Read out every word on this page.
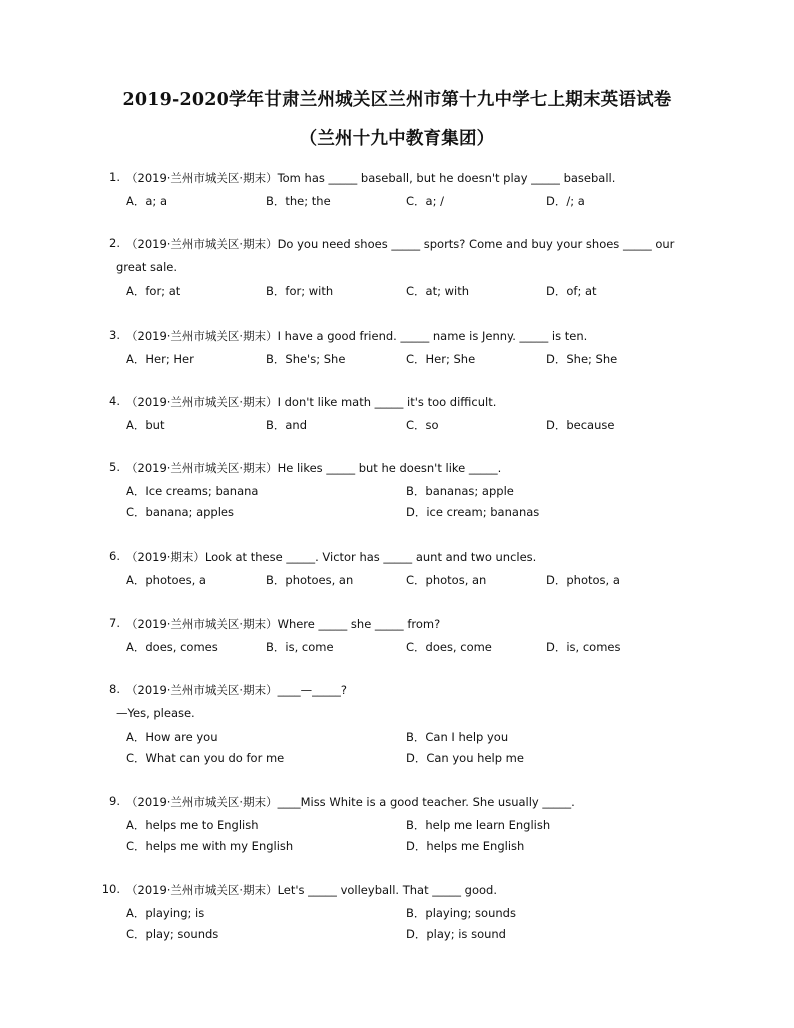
2019-2020学年甘肃兰州城关区兰州市第十九中学七上期末英语试卷
（兰州十九中教育集团）
1. （2019·兰州市城关区·期末）Tom has _____ baseball, but he doesn't play _____ baseball.
A．a; a	B．the; the	C．a; /	D．/; a
2. （2019·兰州市城关区·期末）Do you need shoes _____ sports? Come and buy your shoes _____ our
great sale.
A．for; at	B．for; with	C．at; with	D．of; at
3. （2019·兰州市城关区·期末）I have a good friend. _____ name is Jenny. _____ is ten.
A．Her; Her	B．She's; She	C．Her; She	D．She; She
4. （2019·兰州市城关区·期末）I don't like math _____ it's too difficult.
A．but	B．and	C．so	D．because
5. （2019·兰州市城关区·期末）He likes _____ but he doesn't like _____.
A．Ice creams; banana	B．bananas; apple
C．banana; apples	D．ice cream; bananas
6. （2019·期末）Look at these _____. Victor has _____ aunt and two uncles.
A．photoes, a	B．photoes, an	C．photos, an	D．photos, a
7. （2019·兰州市城关区·期末）Where _____ she _____ from?
A．does, comes	B．is, come	C．does, come	D．is, comes
8. （2019·兰州市城关区·期末）____—_____?
—Yes, please.
A．How are you	B．Can I help you
C．What can you do for me	D．Can you help me
9. （2019·兰州市城关区·期末）____Miss White is a good teacher. She usually _____.
A．helps me to English	B．help me learn English
C．helps me with my English	D．helps me English
10. （2019·兰州市城关区·期末）Let's _____ volleyball. That _____ good.
A．playing; is	B．playing; sounds
C．play; sounds	D．play; is sound
